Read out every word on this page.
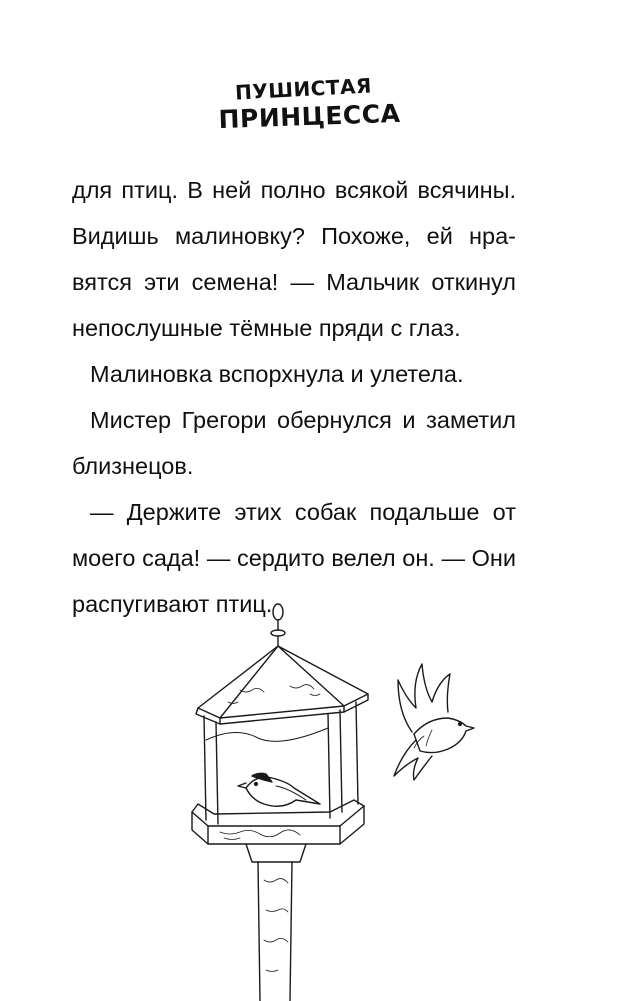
ПУШИСТАЯ
ПРИНЦЕССА

для птиц. В ней полно всякой всячины. Видишь малиновку? Похоже, ей нра-вятся эти семена! — Мальчик откинул непослушные тёмные пряди с глаз.

Малиновка вспорхнула и улетела.

Мистер Грегори обернулся и заметил близнецов.

— Держите этих собак подальше от моего сада! — сердито велел он. — Они распугивают птиц.
